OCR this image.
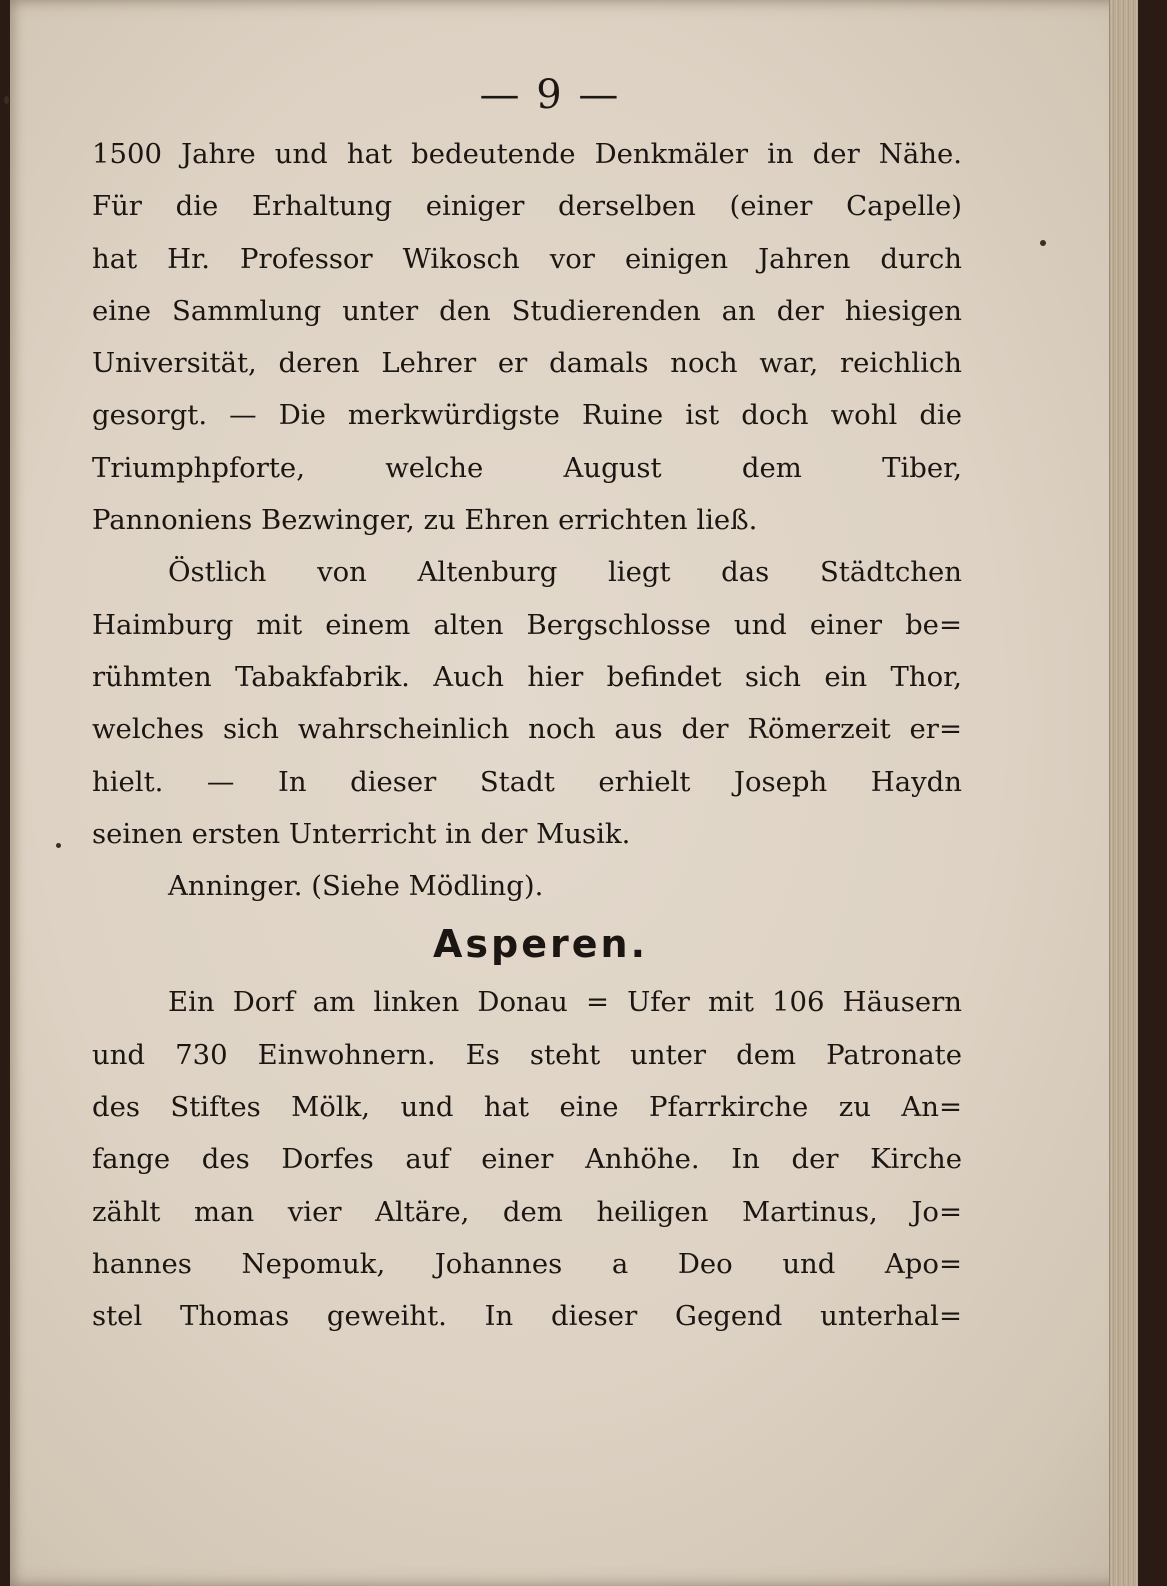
— 9 —
1500 Jahre und hat bedeutende Denkmäler in der Nähe.
Für die Erhaltung einiger derselben (einer Capelle)
hat Hr. Professor Wikosch vor einigen Jahren durch
eine Sammlung unter den Studierenden an der hiesigen
Universität, deren Lehrer er damals noch war, reichlich
gesorgt. — Die merkwürdigste Ruine ist doch wohl die
Triumphpforte, welche August dem Tiber,
Pannoniens Bezwinger, zu Ehren errichten ließ.
Östlich von Altenburg liegt das Städtchen
Haimburg mit einem alten Bergschlosse und einer be=
rühmten Tabakfabrik. Auch hier befindet sich ein Thor,
welches sich wahrscheinlich noch aus der Römerzeit er=
hielt. — In dieser Stadt erhielt Joseph Haydn
seinen ersten Unterricht in der Musik.
Anninger. (Siehe Mödling).
Asperen.
Ein Dorf am linken Donau = Ufer mit 106 Häusern
und 730 Einwohnern. Es steht unter dem Patronate
des Stiftes Mölk, und hat eine Pfarrkirche zu An=
fange des Dorfes auf einer Anhöhe. In der Kirche
zählt man vier Altäre, dem heiligen Martinus, Jo=
hannes Nepomuk, Johannes a Deo und Apo=
stel Thomas geweiht. In dieser Gegend unterhal=
